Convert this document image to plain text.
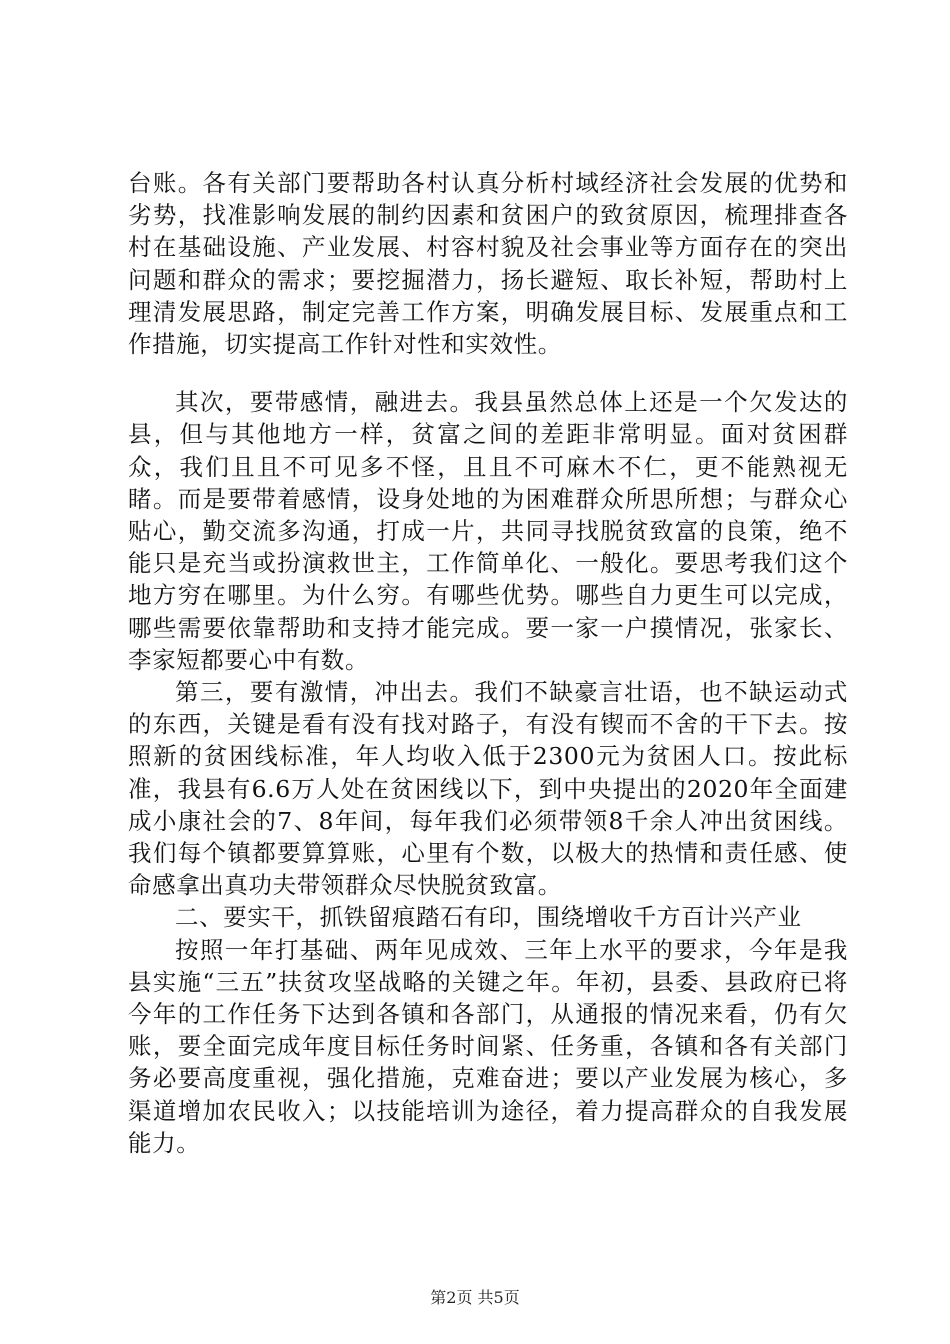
台账。各有关部门要帮助各村认真分析村域经济社会发展的优势和劣势，找准影响发展的制约因素和贫困户的致贫原因，梳理排查各村在基础设施、产业发展、村容村貌及社会事业等方面存在的突出问题和群众的需求；要挖掘潜力，扬长避短、取长补短，帮助村上理清发展思路，制定完善工作方案，明确发展目标、发展重点和工作措施，切实提高工作针对性和实效性。

其次，要带感情，融进去。我县虽然总体上还是一个欠发达的县，但与其他地方一样，贫富之间的差距非常明显。面对贫困群众，我们且且不可见多不怪，且且不可麻木不仁，更不能熟视无睹。而是要带着感情，设身处地的为困难群众所思所想；与群众心贴心，勤交流多沟通，打成一片，共同寻找脱贫致富的良策，绝不能只是充当或扮演救世主，工作简单化、一般化。要思考我们这个地方穷在哪里。为什么穷。有哪些优势。哪些自力更生可以完成，哪些需要依靠帮助和支持才能完成。要一家一户摸情况，张家长、李家短都要心中有数。

第三，要有激情，冲出去。我们不缺豪言壮语，也不缺运动式的东西，关键是看有没有找对路子，有没有锲而不舍的干下去。按照新的贫困线标准，年人均收入低于2300元为贫困人口。按此标准，我县有6.6万人处在贫困线以下，到中央提出的2020年全面建成小康社会的7、8年间，每年我们必须带领8千余人冲出贫困线。我们每个镇都要算算账，心里有个数，以极大的热情和责任感、使命感拿出真功夫带领群众尽快脱贫致富。

二、要实干，抓铁留痕踏石有印，围绕增收千方百计兴产业

按照一年打基础、两年见成效、三年上水平的要求，今年是我县实施“三五”扶贫攻坚战略的关键之年。年初，县委、县政府已将今年的工作任务下达到各镇和各部门，从通报的情况来看，仍有欠账，要全面完成年度目标任务时间紧、任务重，各镇和各有关部门务必要高度重视，强化措施，克难奋进；要以产业发展为核心，多渠道增加农民收入；以技能培训为途径，着力提高群众的自我发展能力。

第2页 共5页
